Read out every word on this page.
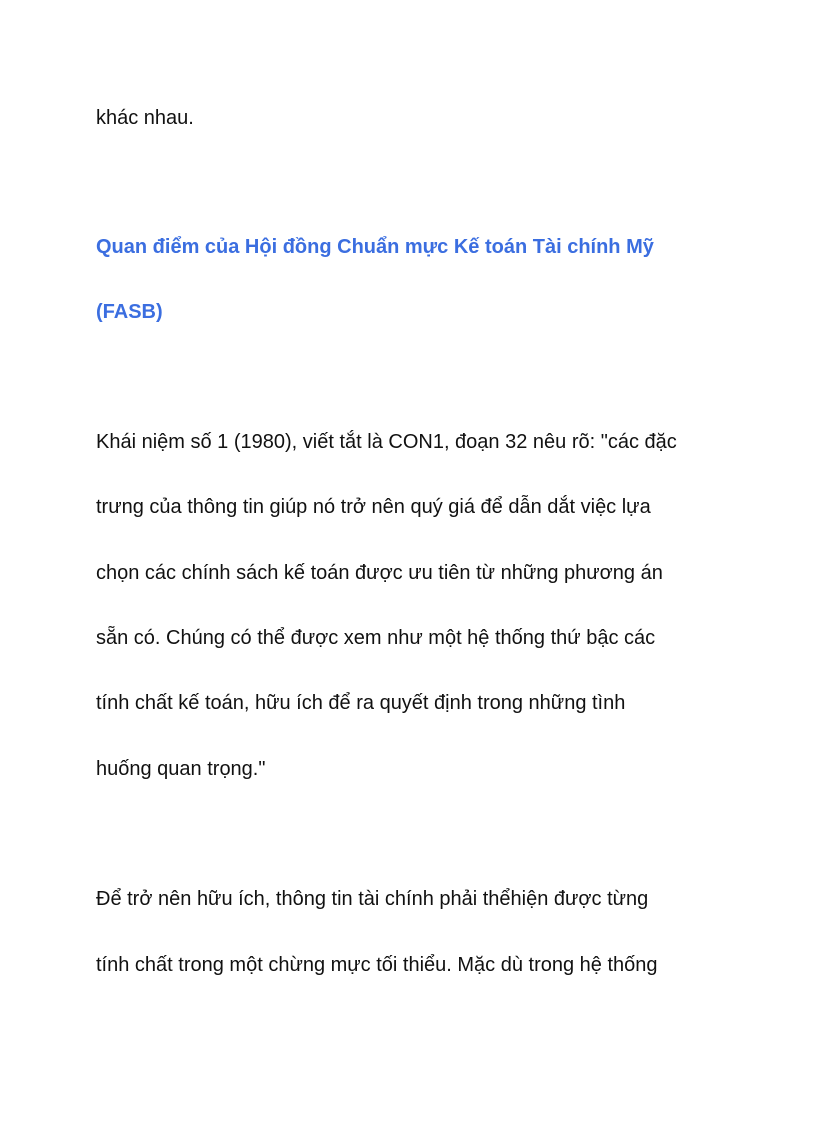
khác nhau.

Quan điểm của Hội đồng Chuẩn mực Kế toán Tài chính Mỹ

(FASB)

Khái niệm số 1 (1980), viết tắt là CON1, đoạn 32 nêu rõ: "các đặc

trưng của thông tin giúp nó trở nên quý giá để dẫn dắt việc lựa

chọn các chính sách kế toán được ưu tiên từ những phương án

sẵn có. Chúng có thể được xem như một hệ thống thứ bậc các

tính chất kế toán, hữu ích để ra quyết định trong những tình

huống quan trọng."

Để trở nên hữu ích, thông tin tài chính phải thểhiện được từng

tính chất trong một chừng mực tối thiểu. Mặc dù trong hệ thống
